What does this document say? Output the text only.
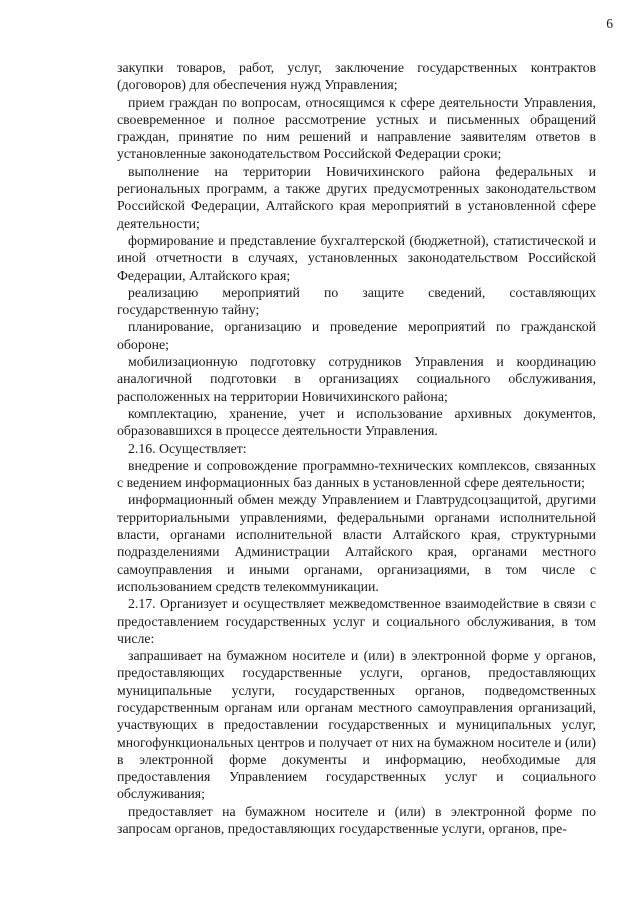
6

закупки товаров, работ, услуг, заключение государственных контрактов (договоров) для обеспечения нужд Управления;

прием граждан по вопросам, относящимся к сфере деятельности Управления, своевременное и полное рассмотрение устных и письменных обращений граждан, принятие по ним решений и направление заявителям ответов в установленные законодательством Российской Федерации сроки;

выполнение на территории Новичихинского района федеральных и региональных программ, а также других предусмотренных законодательством Российской Федерации, Алтайского края мероприятий в установленной сфере деятельности;

формирование и представление бухгалтерской (бюджетной), статистической и иной отчетности в случаях, установленных законодательством Российской Федерации, Алтайского края;

реализацию мероприятий по защите сведений, составляющих государственную тайну;

планирование, организацию и проведение мероприятий по гражданской обороне;

мобилизационную подготовку сотрудников Управления и координацию аналогичной подготовки в организациях социального обслуживания, расположенных на территории Новичихинского района;

комплектацию, хранение, учет и использование архивных документов, образовавшихся в процессе деятельности Управления.

2.16. Осуществляет:

внедрение и сопровождение программно-технических комплексов, связанных с ведением информационных баз данных в установленной сфере деятельности;

информационный обмен между Управлением и Главтрудсоцзащитой, другими территориальными управлениями, федеральными органами исполнительной власти, органами исполнительной власти Алтайского края, структурными подразделениями Администрации Алтайского края, органами местного самоуправления и иными органами, организациями, в том числе с использованием средств телекоммуникации.

2.17. Организует и осуществляет межведомственное взаимодействие в связи с предоставлением государственных услуг и социального обслуживания, в том числе:

запрашивает на бумажном носителе и (или) в электронной форме у органов, предоставляющих государственные услуги, органов, предоставляющих муниципальные услуги, государственных органов, подведомственных государственным органам или органам местного самоуправления организаций, участвующих в предоставлении государственных и муниципальных услуг, многофункциональных центров и получает от них на бумажном носителе и (или) в электронной форме документы и информацию, необходимые для предоставления Управлением государственных услуг и социального обслуживания;

предоставляет на бумажном носителе и (или) в электронной форме по запросам органов, предоставляющих государственные услуги, органов, пре-
